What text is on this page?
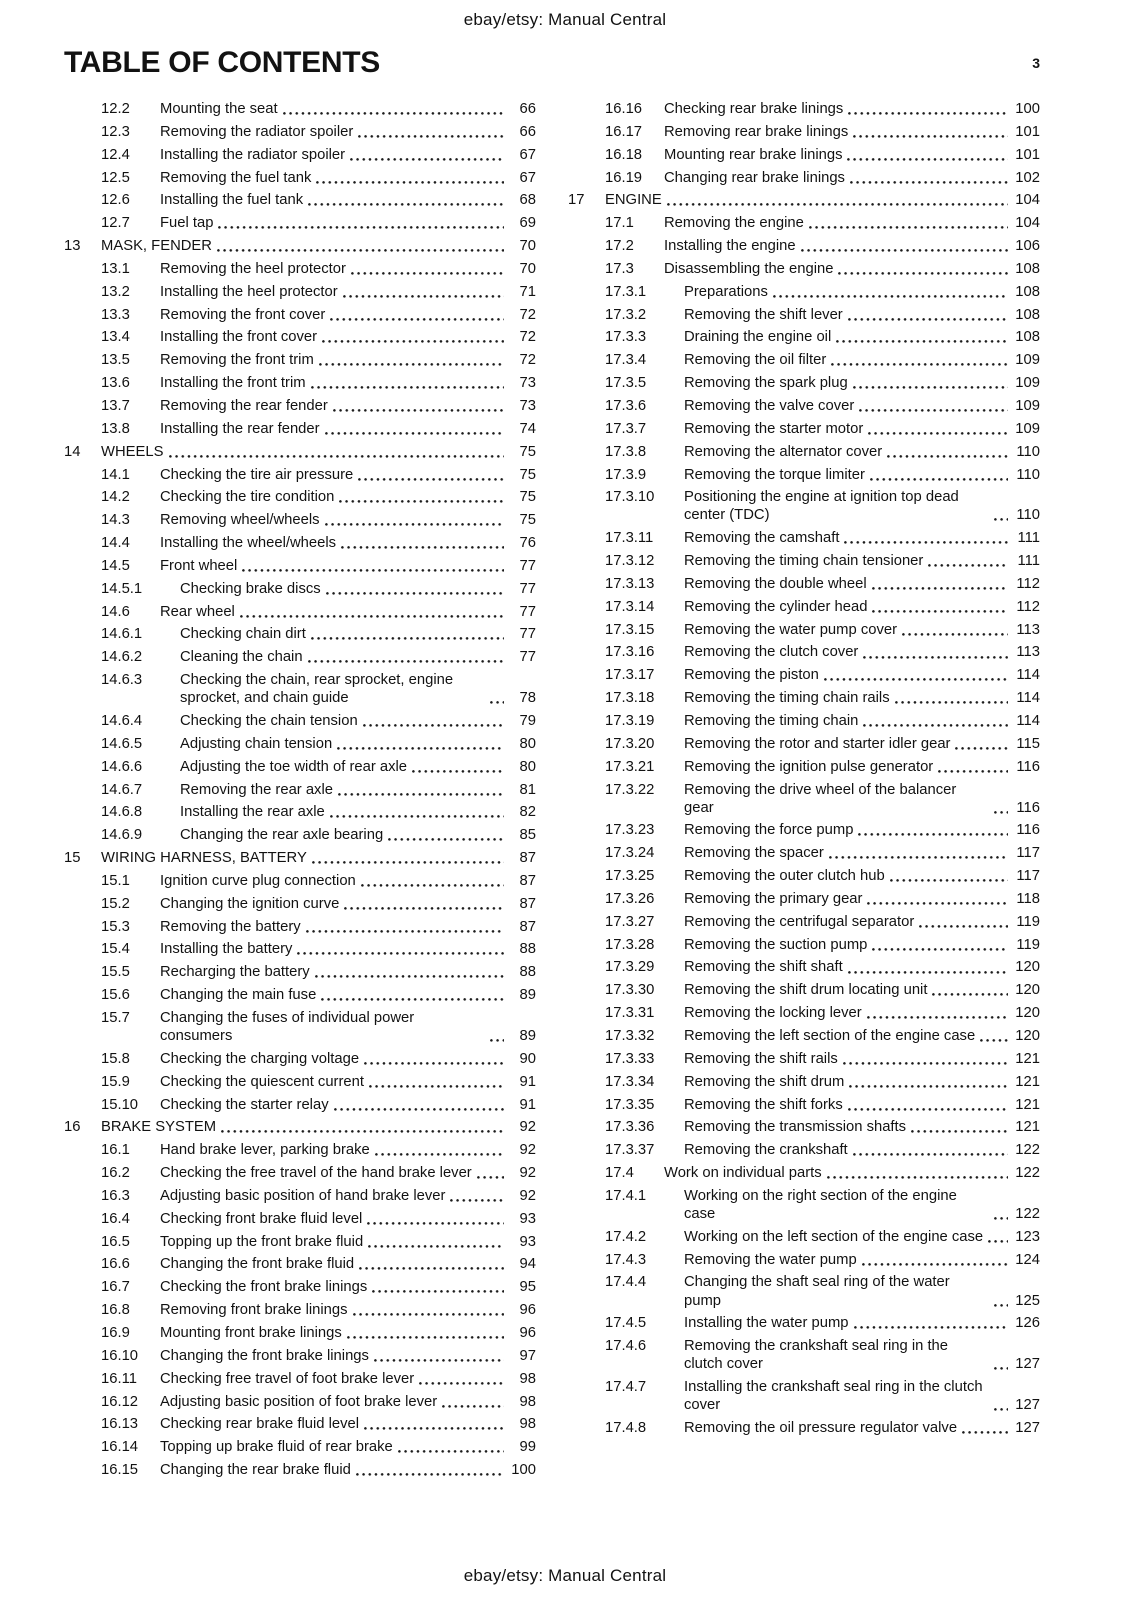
ebay/etsy: Manual Central
TABLE OF CONTENTS	3
12.2	Mounting the seat	66
12.3	Removing the radiator spoiler	66
12.4	Installing the radiator spoiler	67
12.5	Removing the fuel tank	67
12.6	Installing the fuel tank	68
12.7	Fuel tap	69
13	MASK, FENDER	70
13.1	Removing the heel protector	70
13.2	Installing the heel protector	71
13.3	Removing the front cover	72
13.4	Installing the front cover	72
13.5	Removing the front trim	72
13.6	Installing the front trim	73
13.7	Removing the rear fender	73
13.8	Installing the rear fender	74
14	WHEELS	75
14.1	Checking the tire air pressure	75
14.2	Checking the tire condition	75
14.3	Removing wheel/wheels	75
14.4	Installing the wheel/wheels	76
14.5	Front wheel	77
14.5.1	Checking brake discs	77
14.6	Rear wheel	77
14.6.1	Checking chain dirt	77
14.6.2	Cleaning the chain	77
14.6.3	Checking the chain, rear sprocket, engine sprocket, and chain guide	78
14.6.4	Checking the chain tension	79
14.6.5	Adjusting chain tension	80
14.6.6	Adjusting the toe width of rear axle	80
14.6.7	Removing the rear axle	81
14.6.8	Installing the rear axle	82
14.6.9	Changing the rear axle bearing	85
15	WIRING HARNESS, BATTERY	87
15.1	Ignition curve plug connection	87
15.2	Changing the ignition curve	87
15.3	Removing the battery	87
15.4	Installing the battery	88
15.5	Recharging the battery	88
15.6	Changing the main fuse	89
15.7	Changing the fuses of individual power consumers	89
15.8	Checking the charging voltage	90
15.9	Checking the quiescent current	91
15.10	Checking the starter relay	91
16	BRAKE SYSTEM	92
16.1	Hand brake lever, parking brake	92
16.2	Checking the free travel of the hand brake lever	92
16.3	Adjusting basic position of hand brake lever	92
16.4	Checking front brake fluid level	93
16.5	Topping up the front brake fluid	93
16.6	Changing the front brake fluid	94
16.7	Checking the front brake linings	95
16.8	Removing front brake linings	96
16.9	Mounting front brake linings	96
16.10	Changing the front brake linings	97
16.11	Checking free travel of foot brake lever	98
16.12	Adjusting basic position of foot brake lever	98
16.13	Checking rear brake fluid level	98
16.14	Topping up brake fluid of rear brake	99
16.15	Changing the rear brake fluid	100
16.16	Checking rear brake linings	100
16.17	Removing rear brake linings	101
16.18	Mounting rear brake linings	101
16.19	Changing rear brake linings	102
17	ENGINE	104
17.1	Removing the engine	104
17.2	Installing the engine	106
17.3	Disassembling the engine	108
17.3.1	Preparations	108
17.3.2	Removing the shift lever	108
17.3.3	Draining the engine oil	108
17.3.4	Removing the oil filter	109
17.3.5	Removing the spark plug	109
17.3.6	Removing the valve cover	109
17.3.7	Removing the starter motor	109
17.3.8	Removing the alternator cover	110
17.3.9	Removing the torque limiter	110
17.3.10	Positioning the engine at ignition top dead center (TDC)	110
17.3.11	Removing the camshaft	111
17.3.12	Removing the timing chain tensioner	111
17.3.13	Removing the double wheel	112
17.3.14	Removing the cylinder head	112
17.3.15	Removing the water pump cover	113
17.3.16	Removing the clutch cover	113
17.3.17	Removing the piston	114
17.3.18	Removing the timing chain rails	114
17.3.19	Removing the timing chain	114
17.3.20	Removing the rotor and starter idler gear	115
17.3.21	Removing the ignition pulse generator	116
17.3.22	Removing the drive wheel of the balancer gear	116
17.3.23	Removing the force pump	116
17.3.24	Removing the spacer	117
17.3.25	Removing the outer clutch hub	117
17.3.26	Removing the primary gear	118
17.3.27	Removing the centrifugal separator	119
17.3.28	Removing the suction pump	119
17.3.29	Removing the shift shaft	120
17.3.30	Removing the shift drum locating unit	120
17.3.31	Removing the locking lever	120
17.3.32	Removing the left section of the engine case	120
17.3.33	Removing the shift rails	121
17.3.34	Removing the shift drum	121
17.3.35	Removing the shift forks	121
17.3.36	Removing the transmission shafts	121
17.3.37	Removing the crankshaft	122
17.4	Work on individual parts	122
17.4.1	Working on the right section of the engine case	122
17.4.2	Working on the left section of the engine case 123
17.4.3	Removing the water pump	124
17.4.4	Changing the shaft seal ring of the water pump	125
17.4.5	Installing the water pump	126
17.4.6	Removing the crankshaft seal ring in the clutch cover	127
17.4.7	Installing the crankshaft seal ring in the clutch cover	127
17.4.8	Removing the oil pressure regulator valve	127
ebay/etsy: Manual Central
